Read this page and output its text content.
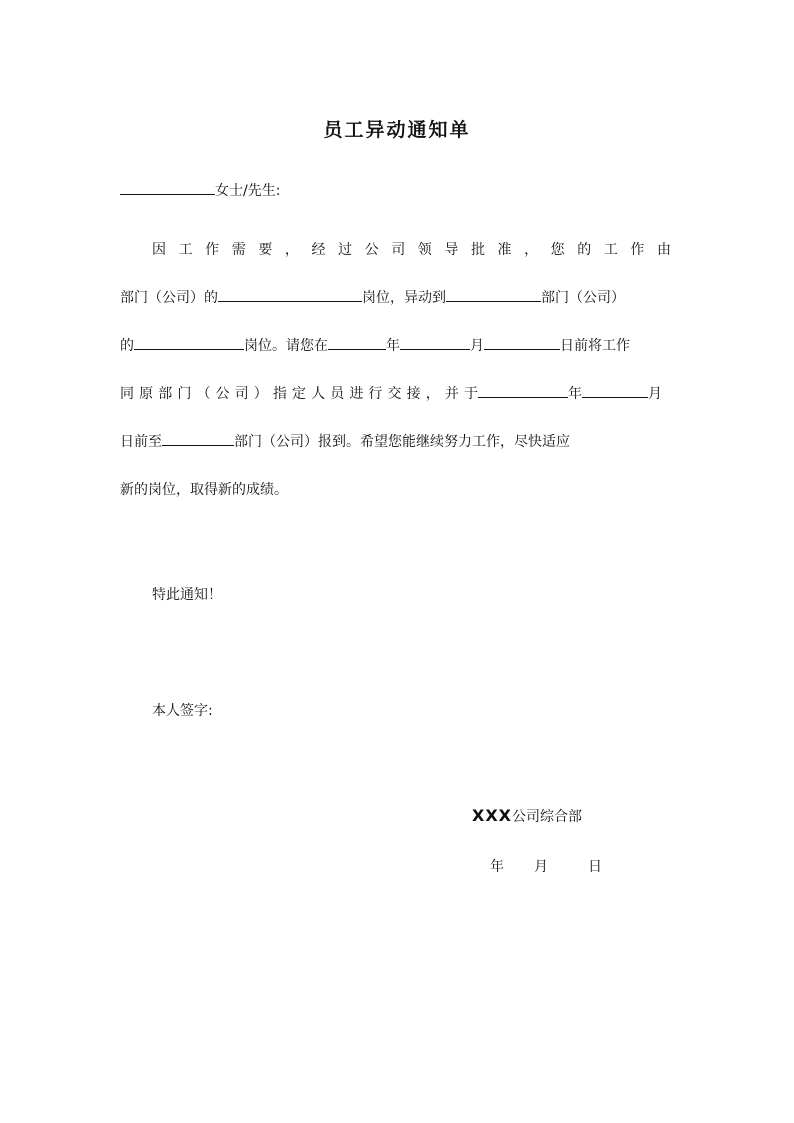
员工异动通知单
女士/先生:
因 工 作 需 要 ， 经 过 公 司 领 导 批 准 ， 您 的 工 作 由
部门（公司）的	岗位，异动到	部门（公司）
的	岗位。请您在	年	月	日前将工作
同 原 部 门 （ 公 司 ） 指 定 人 员 进 行 交 接 ， 并 于	年	月
日前至	部门（公司）报到。希望您能继续努力工作，尽快适应
新的岗位，取得新的成绩。
特此通知！
本人签字:
XXX公司综合部
年 月	日
